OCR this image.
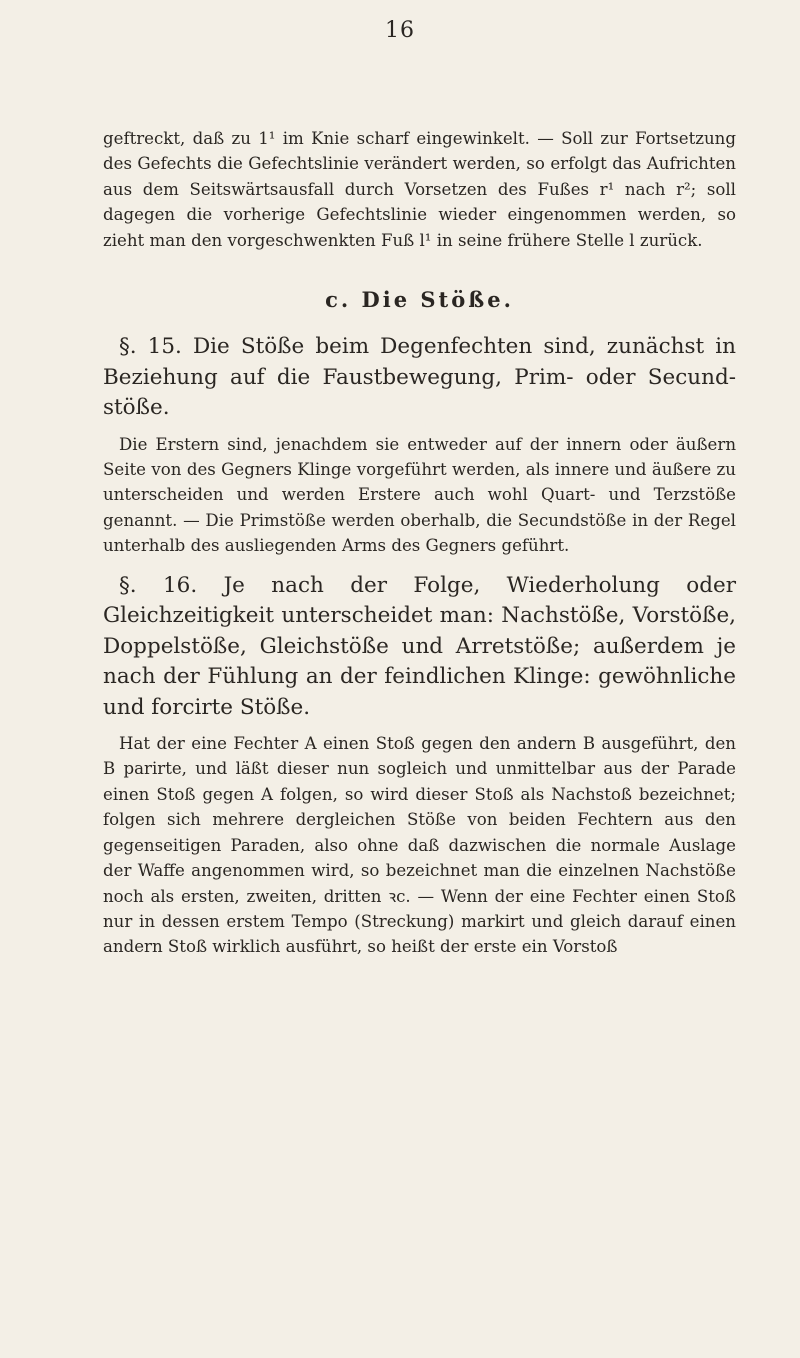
16

geftreckt, daß zu 1¹ im Knie scharf eingewinkelt. — Soll zur Fortsetzung des Gefechts die Gefechtslinie verändert werden, so erfolgt das Aufrichten aus dem Seitswärtsausfall durch Vorsetzen des Fußes r¹ nach r²; soll dagegen die vorherige Gefechtslinie wieder eingenommen werden, so zieht man den vorgeschwenkten Fuß l¹ in seine frühere Stelle l zurück.

c. Die Stöße.

§. 15. Die Stöße beim Degenfechten sind, zunächst in Beziehung auf die Faustbewegung, Prim- oder Secund-stöße.

Die Erstern sind, jenachdem sie entweder auf der innern oder äußern Seite von des Gegners Klinge vorgeführt werden, als innere und äußere zu unterscheiden und werden Erstere auch wohl Quart- und Terzstöße genannt. — Die Primstöße werden oberhalb, die Secundstöße in der Regel unterhalb des ausliegenden Arms des Gegners geführt.

§. 16. Je nach der Folge, Wiederholung oder Gleichzeitigkeit unterscheidet man: Nachstöße, Vorstöße, Doppelstöße, Gleichstöße und Arretstöße; außerdem je nach der Fühlung an der feindlichen Klinge: gewöhnliche und forcirte Stöße.

Hat der eine Fechter A einen Stoß gegen den andern B ausgeführt, den B parirte, und läßt dieser nun sogleich und unmittelbar aus der Parade einen Stoß gegen A folgen, so wird dieser Stoß als Nachstoß bezeichnet; folgen sich mehrere dergleichen Stöße von beiden Fechtern aus den gegenseitigen Paraden, also ohne daß dazwischen die normale Auslage der Waffe angenommen wird, so bezeichnet man die einzelnen Nachstöße noch als ersten, zweiten, dritten ꝛc. — Wenn der eine Fechter einen Stoß nur in dessen erstem Tempo (Streckung) markirt und gleich darauf einen andern Stoß wirklich ausführt, so heißt der erste ein Vorstoß
